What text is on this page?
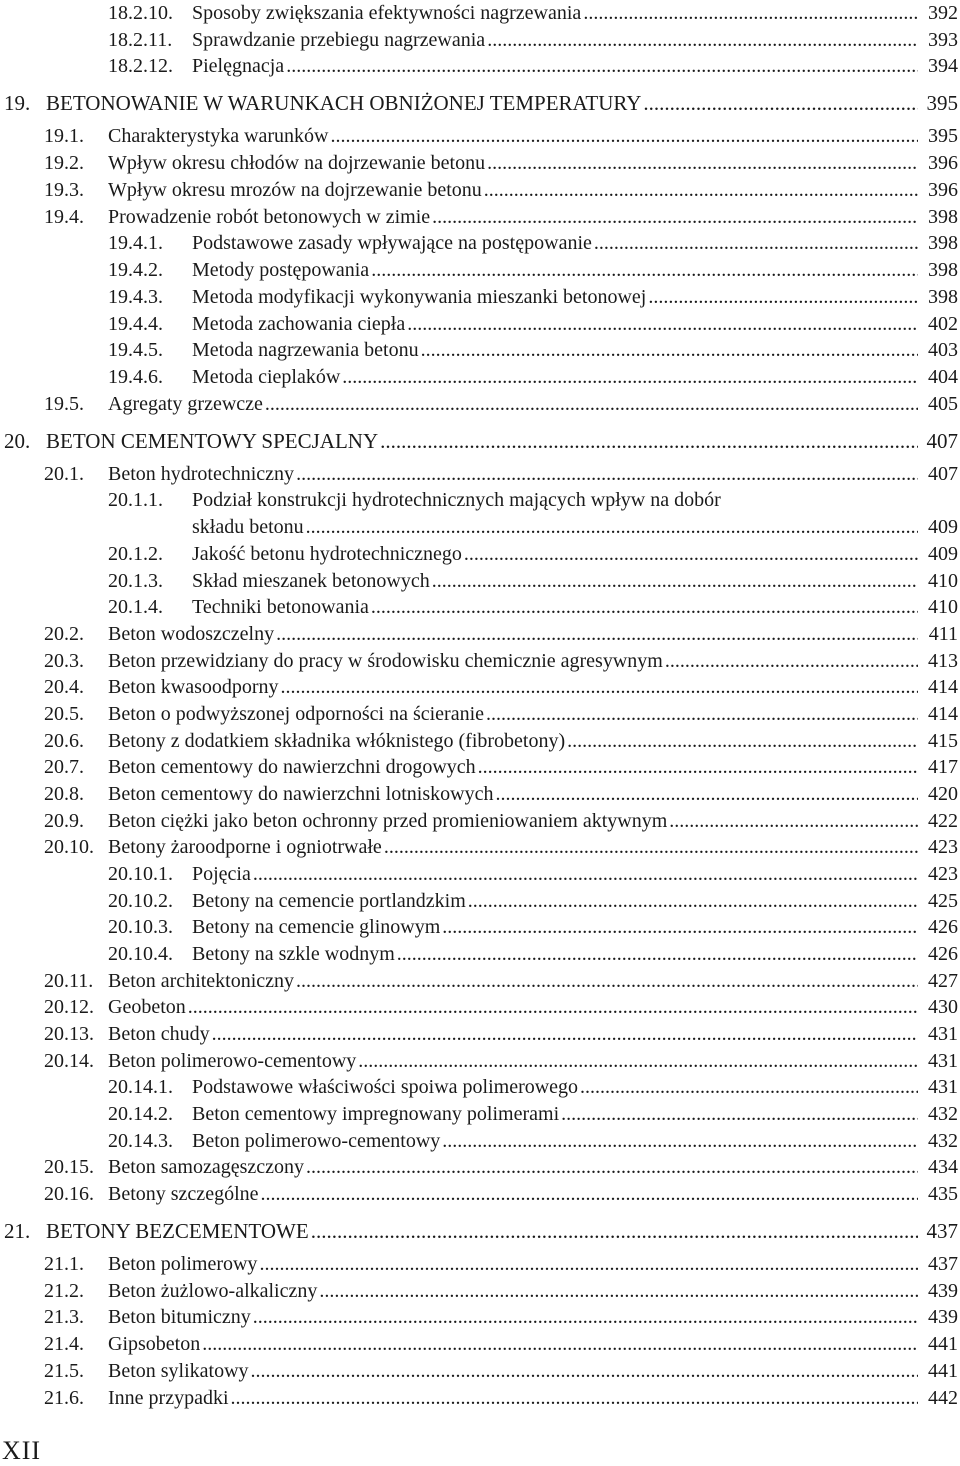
18.2.10. Sposoby zwiększania efektywności nagrzewania .....	392
18.2.11. Sprawdzanie przebiegu nagrzewania .....	393
18.2.12. Pielęgnacja .....	394
19. BETONOWANIE W WARUNKACH OBNIŻONEJ TEMPERATURY .....	395
19.1. Charakterystyka warunków .....	395
19.2. Wpływ okresu chłodów na dojrzewanie betonu .....	396
19.3. Wpływ okresu mrozów na dojrzewanie betonu .....	396
19.4. Prowadzenie robót betonowych w zimie .....	398
19.4.1. Podstawowe zasady wpływające na postępowanie .....	398
19.4.2. Metody postępowania .....	398
19.4.3. Metoda modyfikacji wykonywania mieszanki betonowej .....	398
19.4.4. Metoda zachowania ciepła .....	402
19.4.5. Metoda nagrzewania betonu .....	403
19.4.6. Metoda cieplaków .....	404
19.5. Agregaty grzewcze .....	405
20. BETON CEMENTOWY SPECJALNY .....	407
20.1. Beton hydrotechniczny .....	407
20.1.1. Podział konstrukcji hydrotechnicznych mających wpływ na dobór
składu betonu .....	409
20.1.2. Jakość betonu hydrotechnicznego .....	409
20.1.3. Skład mieszanek betonowych .....	410
20.1.4. Techniki betonowania .....	410
20.2. Beton wodoszczelny .....	411
20.3. Beton przewidziany do pracy w środowisku chemicznie agresywnym .....	413
20.4. Beton kwasoodporny .....	414
20.5. Beton o podwyższonej odporności na ścieranie .....	414
20.6. Betony z dodatkiem składnika włóknistego (fibrobetony) .....	415
20.7. Beton cementowy do nawierzchni drogowych .....	417
20.8. Beton cementowy do nawierzchni lotniskowych .....	420
20.9. Beton ciężki jako beton ochronny przed promieniowaniem aktywnym .....	422
20.10. Betony żaroodporne i ogniotrwałe .....	423
20.10.1. Pojęcia .....	423
20.10.2. Betony na cemencie portlandzkim .....	425
20.10.3. Betony na cemencie glinowym .....	426
20.10.4. Betony na szkle wodnym .....	426
20.11. Beton architektoniczny .....	427
20.12. Geobeton .....	430
20.13. Beton chudy .....	431
20.14. Beton polimerowo-cementowy .....	431
20.14.1. Podstawowe właściwości spoiwa polimerowego .....	431
20.14.2. Beton cementowy impregnowany polimerami .....	432
20.14.3. Beton polimerowo-cementowy .....	432
20.15. Beton samozagęszczony .....	434
20.16. Betony szczególne .....	435
21. BETONY BEZCEMENTOWE .....	437
21.1. Beton polimerowy .....	437
21.2. Beton żużlowo-alkaliczny .....	439
21.3. Beton bitumiczny .....	439
21.4. Gipsobeton .....	441
21.5. Beton sylikatowy .....	441
21.6. Inne przypadki .....	442
XII
